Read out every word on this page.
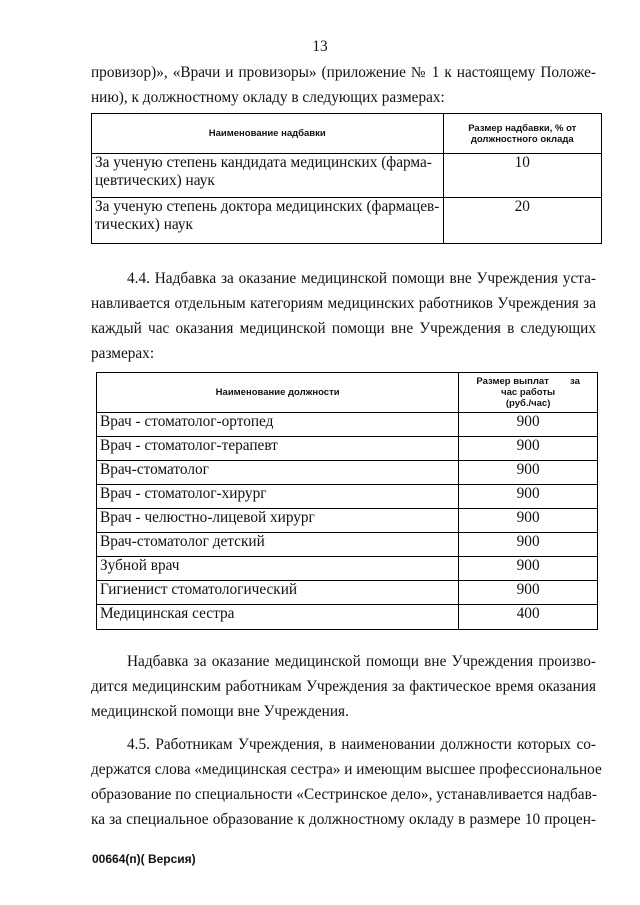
13
провизор)», «Врачи и провизоры» (приложение № 1 к настоящему Положе-
нию), к должностному окладу в следующих размерах:
Наименование надбавки	Размер надбавки, % от
должностного оклада

За ученую степень кандидата медицинских (фарма-
цевтических) наук	10

За ученую степень доктора медицинских (фармацев-
тических) наук	20
4.4. Надбавка за оказание медицинской помощи вне Учреждения уста-
навливается отдельным категориям медицинских работников Учреждения за
каждый час оказания медицинской помощи вне Учреждения в следующих
размерах:
Наименование должности	Размер выплат        за
час работы
(руб./час)

Врач - стоматолог-ортопед	900
Врач - стоматолог-терапевт	900
Врач-стоматолог	900
Врач - стоматолог-хирург	900
Врач - челюстно-лицевой хирург	900
Врач-стоматолог детский	900
Зубной врач	900
Гигиенист стоматологический	900
Медицинская сестра	400
Надбавка за оказание медицинской помощи вне Учреждения произво-
дится медицинским работникам Учреждения за фактическое время оказания
медицинской помощи вне Учреждения.
4.5. Работникам Учреждения, в наименовании должности которых со-
держатся слова «медицинская сестра» и имеющим высшее профессиональное
образование по специальности «Сестринское дело», устанавливается надбав-
ка за специальное образование к должностному окладу в размере 10 процен-
00664(п)( Версия)
